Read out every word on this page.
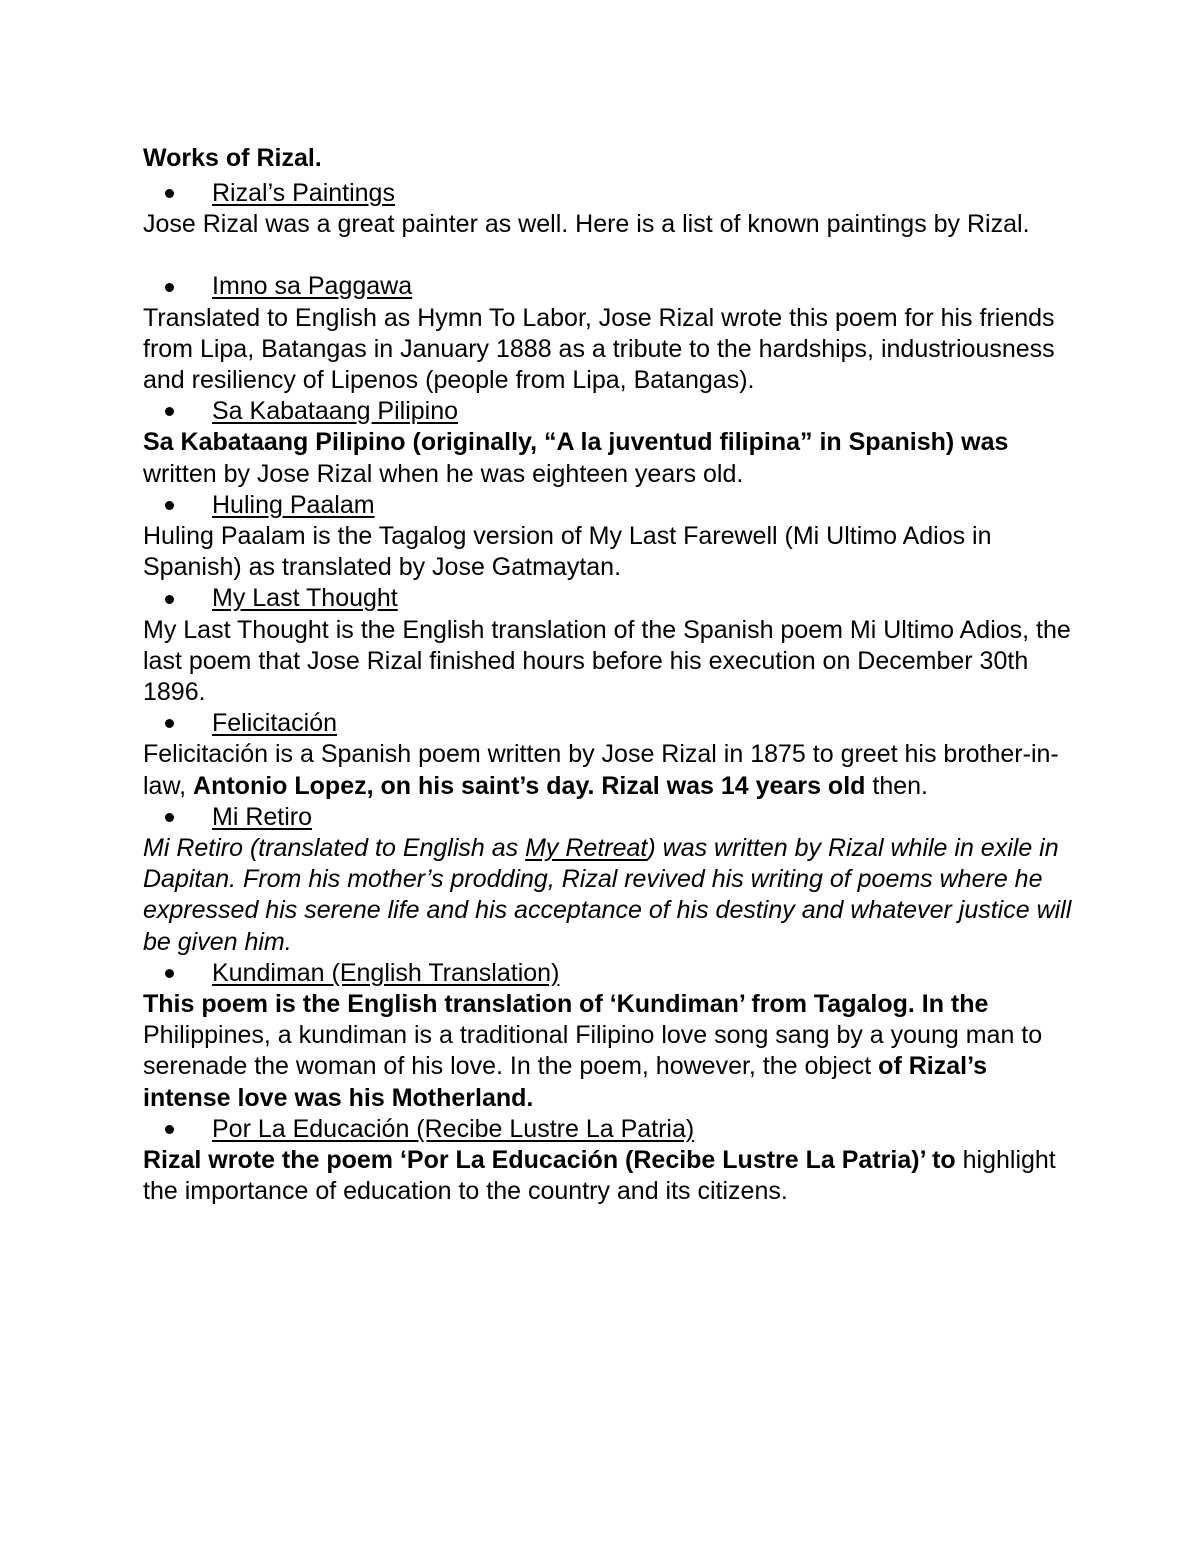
Works of Rizal.

Rizal’s Paintings

Jose Rizal was a great painter as well. Here is a list of known paintings by Rizal.

Imno sa Paggawa

Translated to English as Hymn To Labor, Jose Rizal wrote this poem for his friends from Lipa, Batangas in January 1888 as a tribute to the hardships, industriousness and resiliency of Lipenos (people from Lipa, Batangas).

Sa Kabataang Pilipino

Sa Kabataang Pilipino (originally, “A la juventud filipina” in Spanish) was
written by Jose Rizal when he was eighteen years old.

Huling Paalam

Huling Paalam is the Tagalog version of My Last Farewell (Mi Ultimo Adios in Spanish) as translated by Jose Gatmaytan.

My Last Thought

My Last Thought is the English translation of the Spanish poem Mi Ultimo Adios, the last poem that Jose Rizal finished hours before his execution on December 30th 1896.

Felicitación

Felicitación is a Spanish poem written by Jose Rizal in 1875 to greet his brother-in-law, Antonio Lopez, on his saint’s day. Rizal was 14 years old then.

Mi Retiro

Mi Retiro (translated to English as My Retreat) was written by Rizal while in exile in Dapitan. From his mother’s prodding, Rizal revived his writing of poems where he expressed his serene life and his acceptance of his destiny and whatever justice will be given him.

Kundiman (English Translation)

This poem is the English translation of ‘Kundiman’ from Tagalog. In the Philippines, a kundiman is a traditional Filipino love song sang by a young man to serenade the woman of his love. In the poem, however, the object of Rizal’s intense love was his Motherland.

Por La Educación (Recibe Lustre La Patria)

Rizal wrote the poem ‘Por La Educación (Recibe Lustre La Patria)’ to highlight the importance of education to the country and its citizens.
